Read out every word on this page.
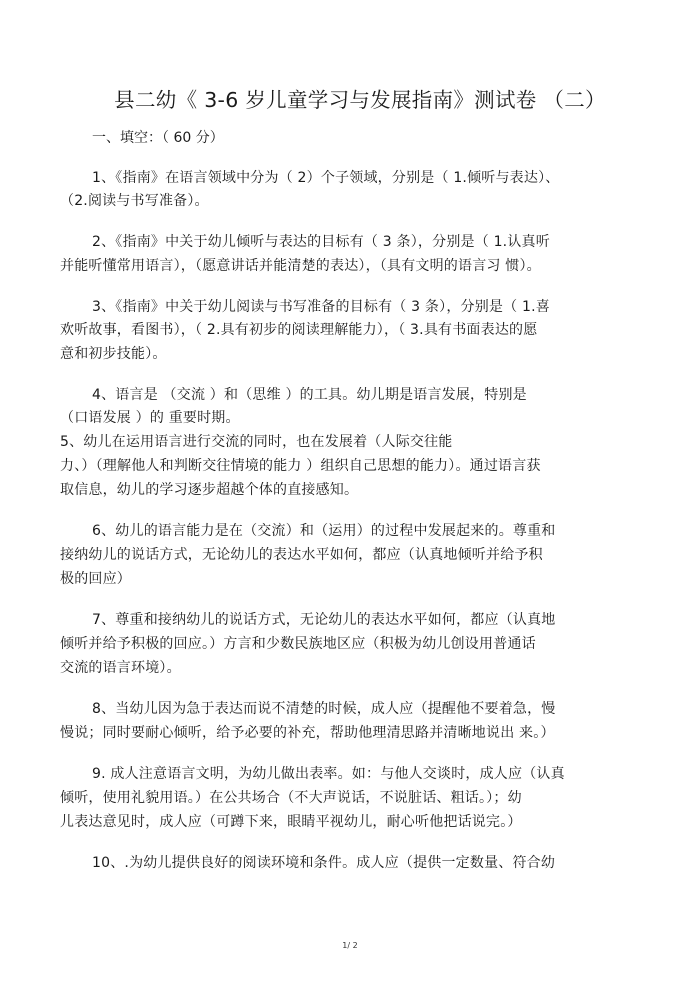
县二幼《 3-6 岁儿童学习与发展指南》测试卷 （二）
一、填空：（ 60 分）
1、《指南》在语言领域中分为（ 2）个子领域，分别是（ 1.倾听与表达）、
（2.阅读与书写准备）。
2、《指南》中关于幼儿倾听与表达的目标有（ 3 条），分别是（ 1.认真听
并能听懂常用语言），（愿意讲话并能清楚的表达），（具有文明的语言习 惯）。
3、《指南》中关于幼儿阅读与书写准备的目标有（ 3 条），分别是（ 1.喜
欢听故事，看图书），（ 2.具有初步的阅读理解能力），（ 3.具有书面表达的愿
意和初步技能）。
4、语言是 （交流 ）和（思维 ）的工具。幼儿期是语言发展，特别是
（口语发展 ）的 重要时期。
5、幼儿在运用语言进行交流的同时，也在发展着（人际交往能
力、）（理解他人和判断交往情境的能力 ）组织自己思想的能力）。通过语言获
取信息，幼儿的学习逐步超越个体的直接感知。
6、幼儿的语言能力是在（交流）和（运用）的过程中发展起来的。尊重和
接纳幼儿的说话方式，无论幼儿的表达水平如何，都应（认真地倾听并给予积
极的回应）
7、尊重和接纳幼儿的说话方式，无论幼儿的表达水平如何，都应（认真地
倾听并给予积极的回应。）方言和少数民族地区应（积极为幼儿创设用普通话
交流的语言环境）。
8、当幼儿因为急于表达而说不清楚的时候，成人应（提醒他不要着急，慢
慢说；同时要耐心倾听，给予必要的补充，帮助他理清思路并清晰地说出 来。）
9. 成人注意语言文明，为幼儿做出表率。如：与他人交谈时，成人应（认真
倾听，使用礼貌用语。）在公共场合（不大声说话，不说脏话、粗话。）；幼
儿表达意见时，成人应（可蹲下来，眼睛平视幼儿，耐心听他把话说完。）
10、.为幼儿提供良好的阅读环境和条件。成人应（提供一定数量、符合幼
1/ 2
